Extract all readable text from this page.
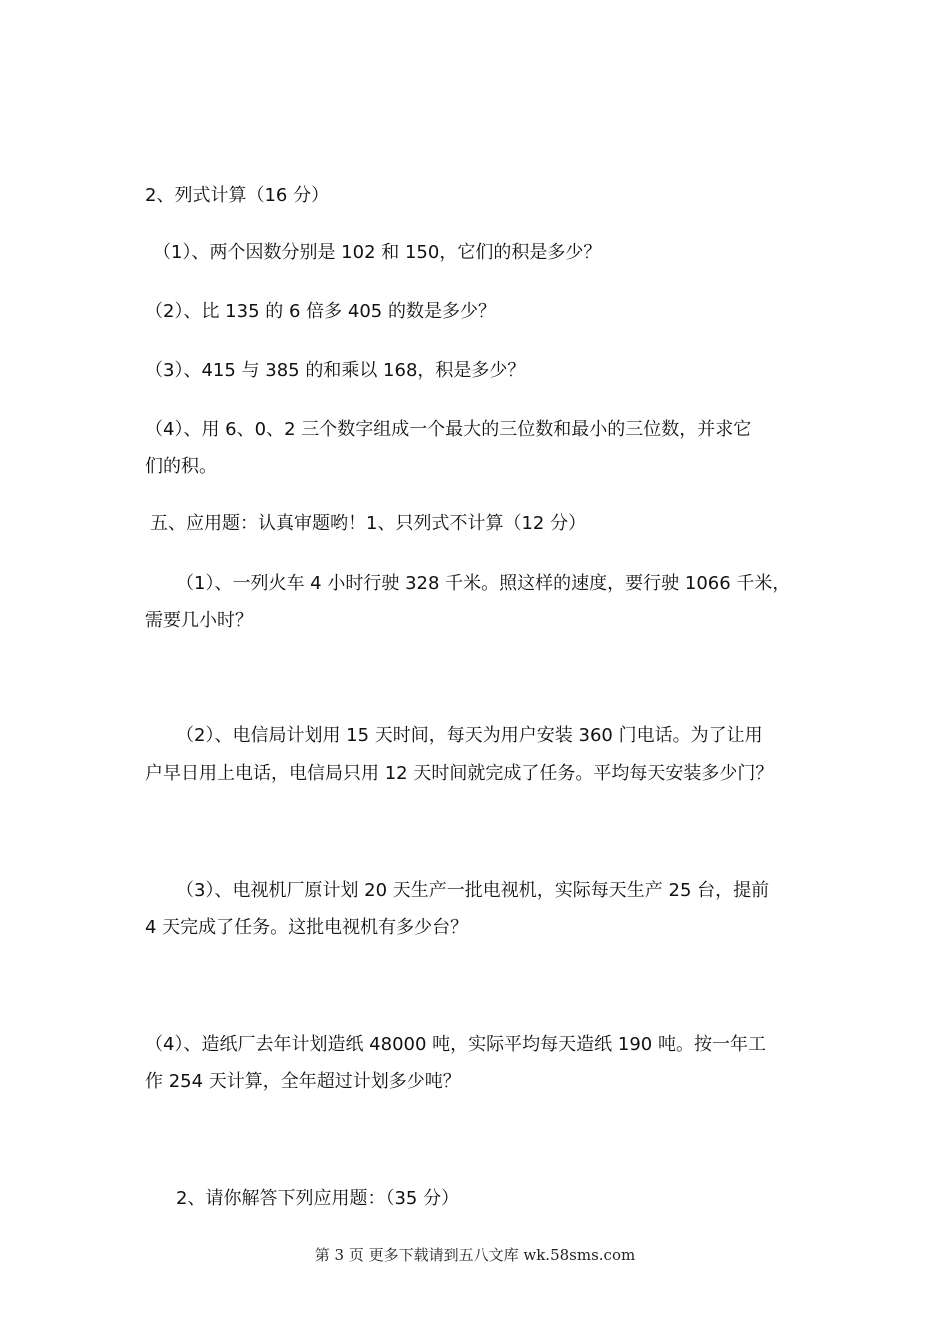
2、列式计算（16 分）
（1）、两个因数分别是 102 和 150，它们的积是多少？
（2）、比 135 的 6 倍多 405 的数是多少？
（3）、415 与 385 的和乘以 168，积是多少？
（4）、用 6、0、2 三个数字组成一个最大的三位数和最小的三位数，并求它
们的积。
五、应用题：认真审题哟！1、只列式不计算（12 分）
（1）、一列火车 4 小时行驶 328 千米。照这样的速度，要行驶 1066 千米，
需要几小时？
（2）、电信局计划用 15 天时间，每天为用户安装 360 门电话。为了让用
户早日用上电话，电信局只用 12 天时间就完成了任务。平均每天安装多少门？
（3）、电视机厂原计划 20 天生产一批电视机，实际每天生产 25 台，提前
4 天完成了任务。这批电视机有多少台？
（4）、造纸厂去年计划造纸 48000 吨，实际平均每天造纸 190 吨。按一年工
作 254 天计算，全年超过计划多少吨？
2、请你解答下列应用题：（35 分）
第 3 页 更多下载请到五八文库 wk.58sms.com
